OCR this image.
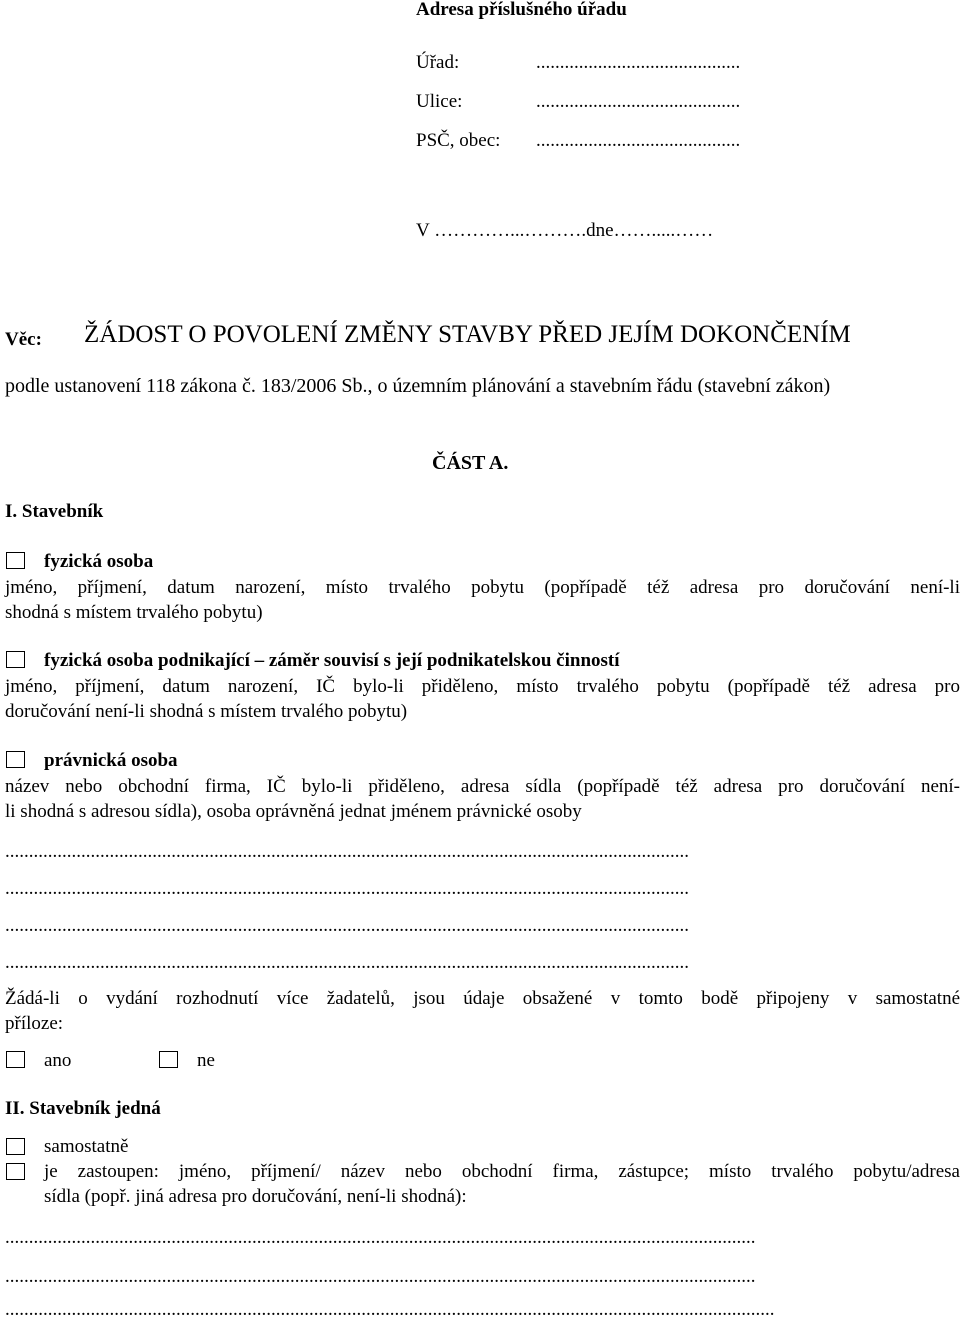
Adresa příslušného úřadu
Úřad:	...........................................
Ulice:	...........................................
PSČ, obec: ...........................................
V …………...……….dne…….....……
Věc: ŽÁDOST O POVOLENÍ ZMĚNY STAVBY PŘED JEJÍM DOKONČENÍM
podle ustanovení 118 zákona č. 183/2006 Sb., o územním plánování a stavebním řádu (stavební zákon)
ČÁST A.
I. Stavebník
fyzická osoba
jméno, příjmení, datum narození, místo trvalého pobytu (popřípadě též adresa pro doručování není-li
shodná s místem trvalého pobytu)
fyzická osoba podnikající – záměr souvisí s její podnikatelskou činností
jméno, příjmení, datum narození, IČ bylo-li přiděleno, místo trvalého pobytu (popřípadě též adresa pro
doručování není-li shodná s místem trvalého pobytu)
právnická osoba
název nebo obchodní firma, IČ bylo-li přiděleno, adresa sídla (popřípadě též adresa pro doručování není-
li shodná s adresou sídla), osoba oprávněná jednat jménem právnické osoby
................................................................................................................................................
................................................................................................................................................
................................................................................................................................................
................................................................................................................................................
Žádá-li o vydání rozhodnutí více žadatelů, jsou údaje obsažené v tomto bodě připojeny v samostatné
příloze:
ano	ne
II. Stavebník jedná
samostatně
je zastoupen: jméno, příjmení/ název nebo obchodní firma, zástupce; místo trvalého pobytu/adresa
sídla (popř. jiná adresa pro doručování, není-li shodná):
..............................................................................................................................................................
..............................................................................................................................................................
..................................................................................................................................................................
